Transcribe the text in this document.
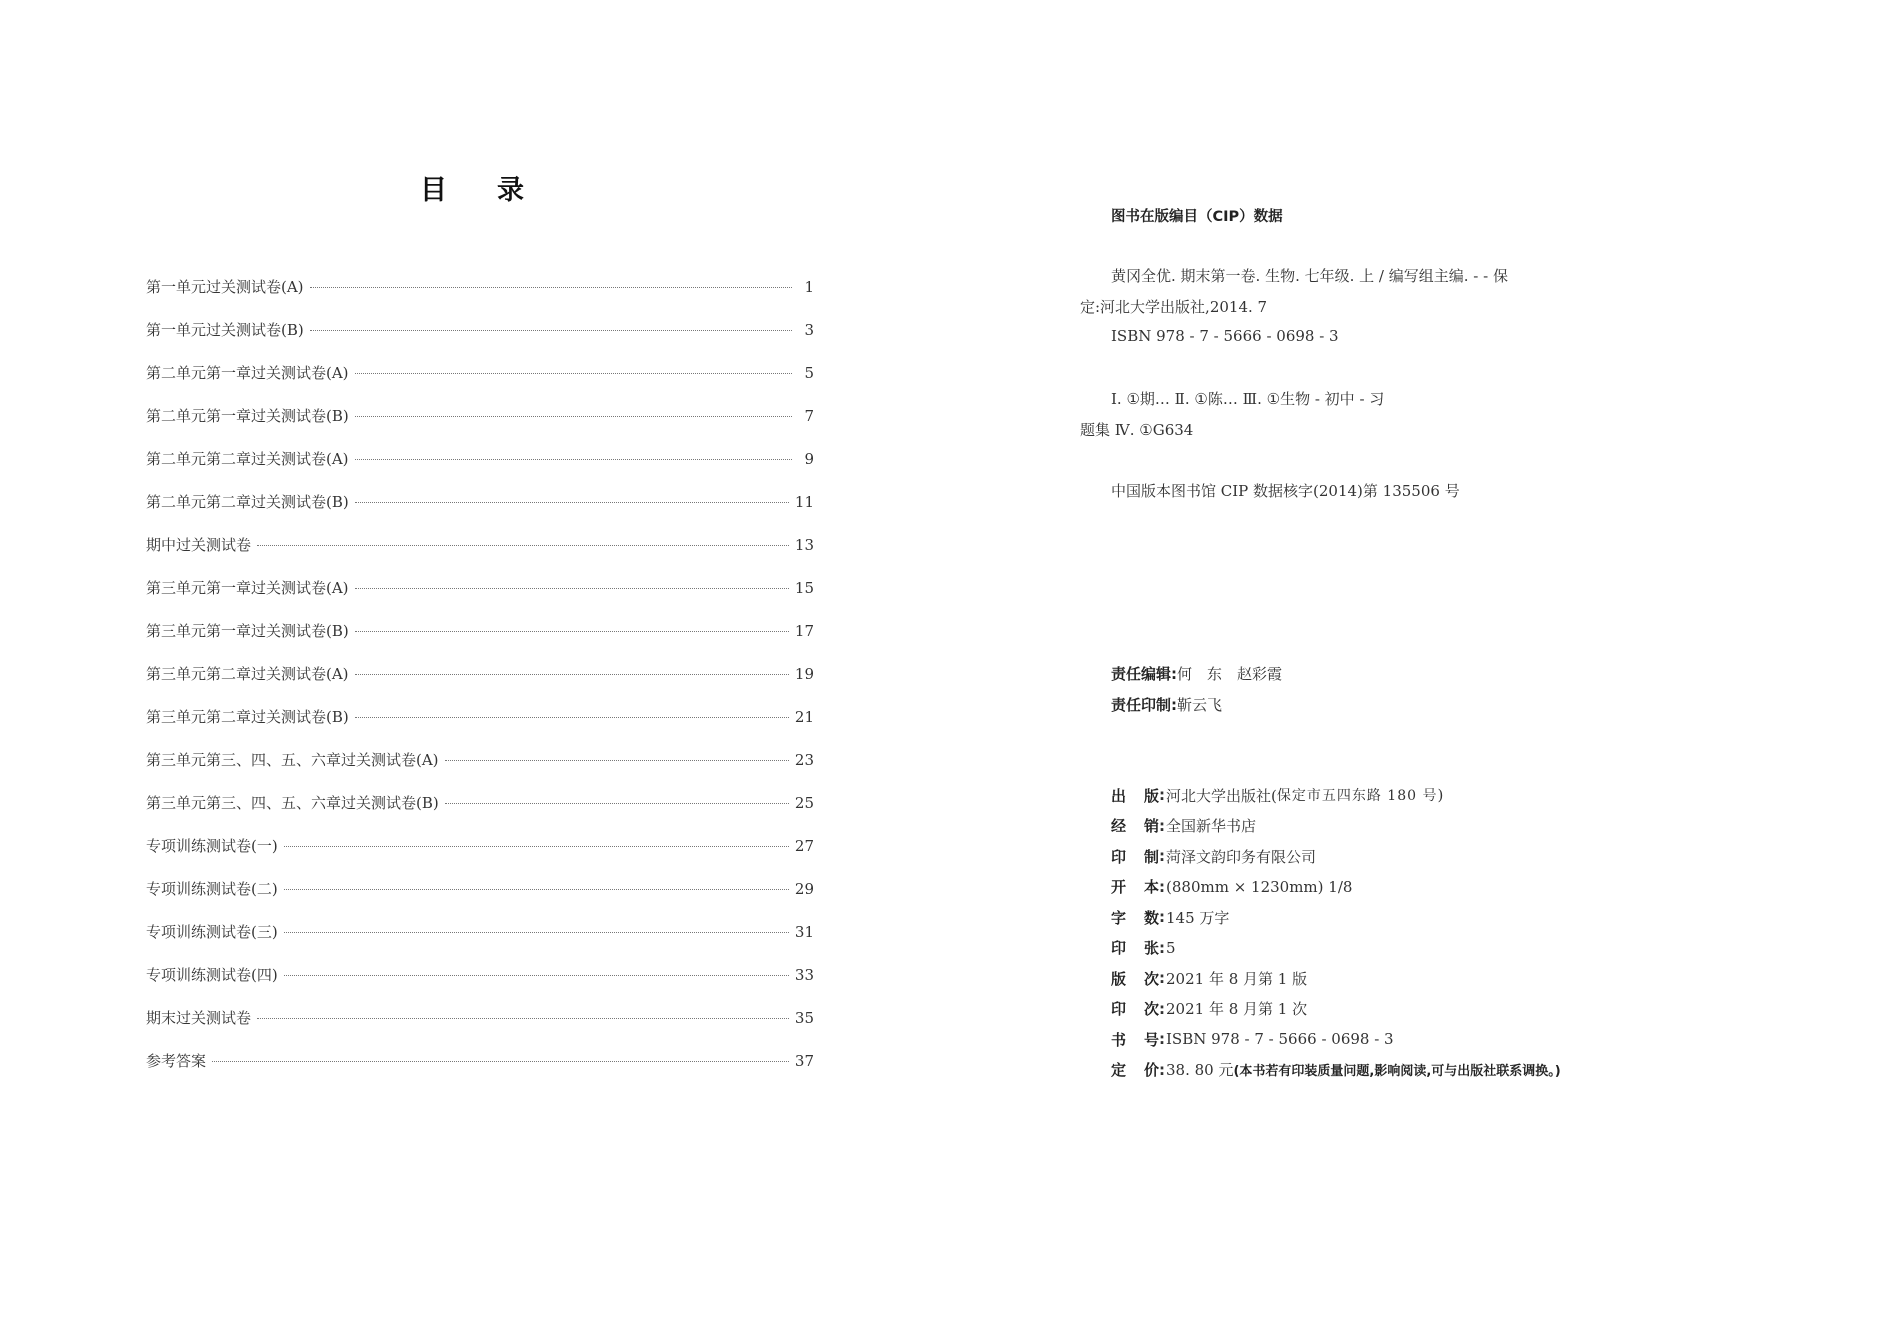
目录
第一单元过关测试卷(A)	1
第一单元过关测试卷(B)	3
第二单元第一章过关测试卷(A)	5
第二单元第一章过关测试卷(B)	7
第二单元第二章过关测试卷(A)	9
第二单元第二章过关测试卷(B)	11
期中过关测试卷	13
第三单元第一章过关测试卷(A)	15
第三单元第一章过关测试卷(B)	17
第三单元第二章过关测试卷(A)	19
第三单元第二章过关测试卷(B)	21
第三单元第三、四、五、六章过关测试卷(A)	23
第三单元第三、四、五、六章过关测试卷(B)	25
专项训练测试卷(一)	27
专项训练测试卷(二)	29
专项训练测试卷(三)	31
专项训练测试卷(四)	33
期末过关测试卷	35
参考答案	37
图书在版编目（CIP）数据
黄冈全优. 期末第一卷. 生物. 七年级. 上 / 编写组主编. - - 保
定:河北大学出版社,2014. 7
ISBN 978 - 7 - 5666 - 0698 - 3
Ⅰ. ①期… Ⅱ. ①陈… Ⅲ. ①生物 - 初中 - 习
题集 Ⅳ. ①G634
中国版本图书馆 CIP 数据核字(2014)第 135506 号
责任编辑: 何　东　赵彩霞
责任印制: 靳云飞
出 版 : 河北大学出版社( 保定市五四东路 180 号 )
经 销 : 全国新华书店
印 制 : 菏泽文韵印务有限公司
开 本 : (880mm × 1230mm) 1/8
字 数 : 145 万字
印 张 : 5
版 次 : 2021 年 8 月第 1 版
印 次 : 2021 年 8 月第 1 次
书 号 : ISBN 978 - 7 - 5666 - 0698 - 3
定 价 : 38. 80 元 (本书若有印装质量问题,影响阅读,可与出版社联系调换。)
